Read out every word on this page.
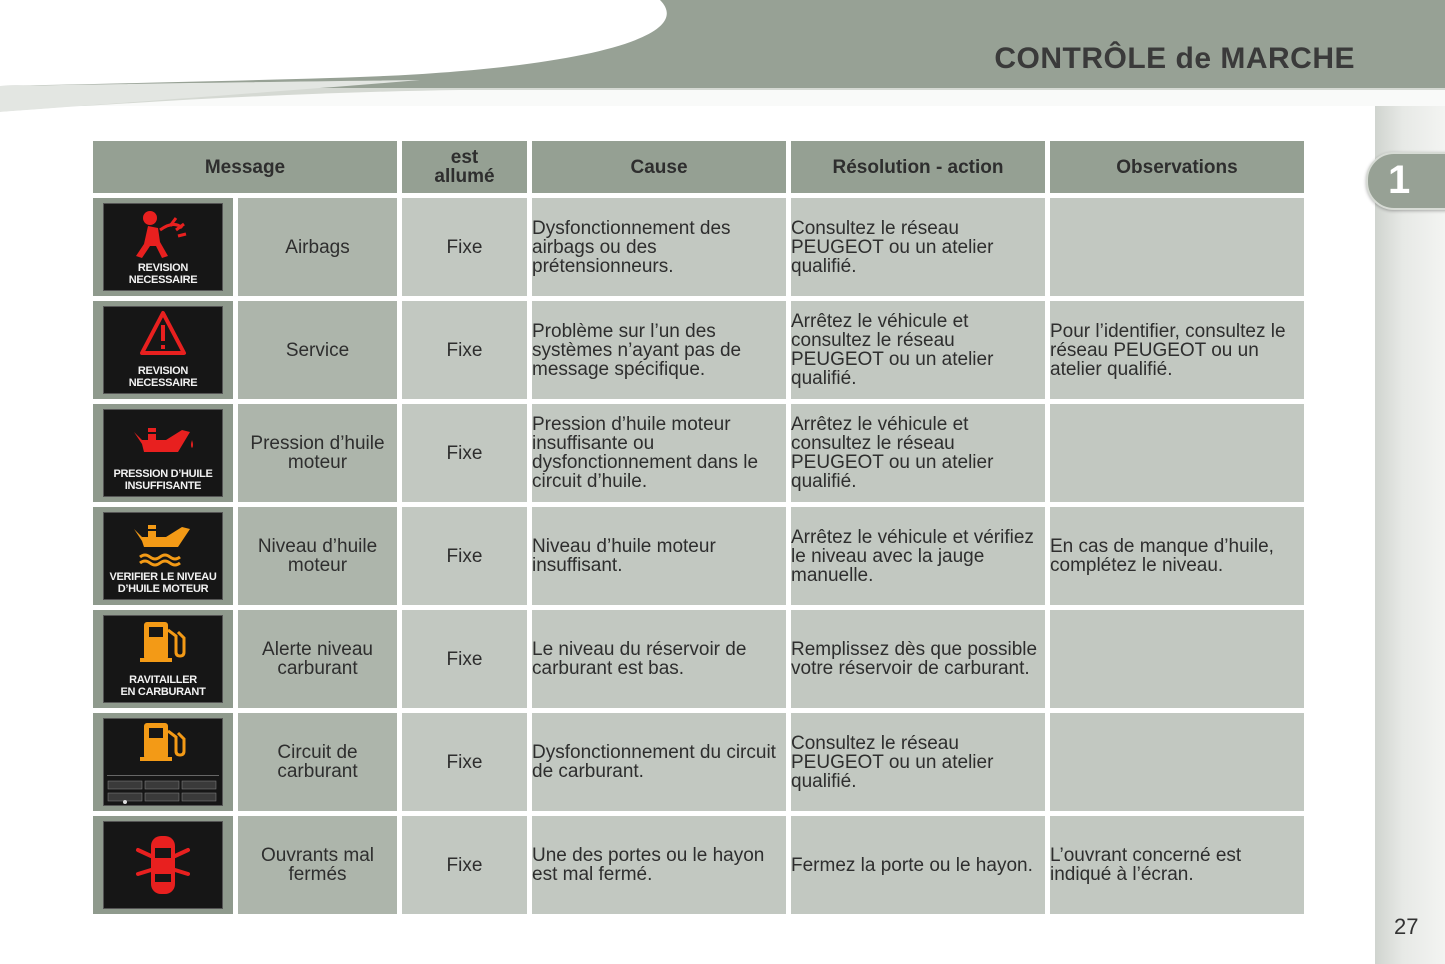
CONTRÔLE de MARCHE
1
Message		est
allumé	Cause	Résolution - action	Observations

REVISION NECESSAIRE	Airbags	Fixe	Dysfonctionnement des airbags ou des prétensionneurs.	Consultez le réseau PEUGEOT ou un atelier qualifié.	

REVISION NECESSAIRE	Service	Fixe	Problème sur l’un des systèmes n’ayant pas de message spécifique.	Arrêtez le véhicule et consultez le réseau PEUGEOT ou un atelier qualifié.	Pour l’identifier, consultez le réseau PEUGEOT ou un atelier qualifié.

PRESSION D’HUILE
INSUFFISANTE	Pression d’huile moteur	Fixe	Pression d’huile moteur insuffisante ou dysfonctionnement dans le circuit d’huile.	Arrêtez le véhicule et consultez le réseau PEUGEOT ou un atelier qualifié.	

VERIFIER LE NIVEAU
D’HUILE MOTEUR	Niveau d’huile moteur	Fixe	Niveau d’huile moteur insuffisant.	Arrêtez le véhicule et vérifiez le niveau avec la jauge manuelle.	En cas de manque d’huile, complétez le niveau.

RAVITAILLER
EN CARBURANT	Alerte niveau carburant	Fixe	Le niveau du réservoir de carburant est bas.	Remplissez dès que possible votre réservoir de carburant.	

	Circuit de carburant	Fixe	Dysfonctionnement du circuit de carburant.	Consultez le réseau PEUGEOT ou un atelier qualifié.	

	Ouvrants mal fermés	Fixe	Une des portes ou le hayon est mal fermé.	Fermez la porte ou le hayon.	L’ouvrant concerné est indiqué à l’écran.
27
